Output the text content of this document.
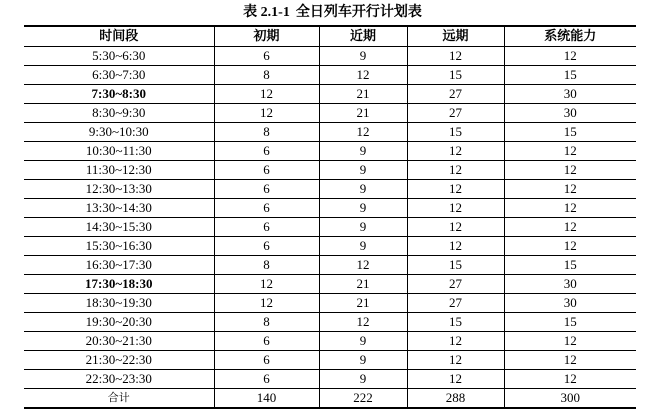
表 2.1-1 全日列车开行计划表
时间段	初期	近期	远期	系统能力
5:30~6:30	6	9	12	12
6:30~7:30	8	12	15	15
7:30~8:30	12	21	27	30
8:30~9:30	12	21	27	30
9:30~10:30	8	12	15	15
10:30~11:30	6	9	12	12
11:30~12:30	6	9	12	12
12:30~13:30	6	9	12	12
13:30~14:30	6	9	12	12
14:30~15:30	6	9	12	12
15:30~16:30	6	9	12	12
16:30~17:30	8	12	15	15
17:30~18:30	12	21	27	30
18:30~19:30	12	21	27	30
19:30~20:30	8	12	15	15
20:30~21:30	6	9	12	12
21:30~22:30	6	9	12	12
22:30~23:30	6	9	12	12
合计	140	222	288	300
